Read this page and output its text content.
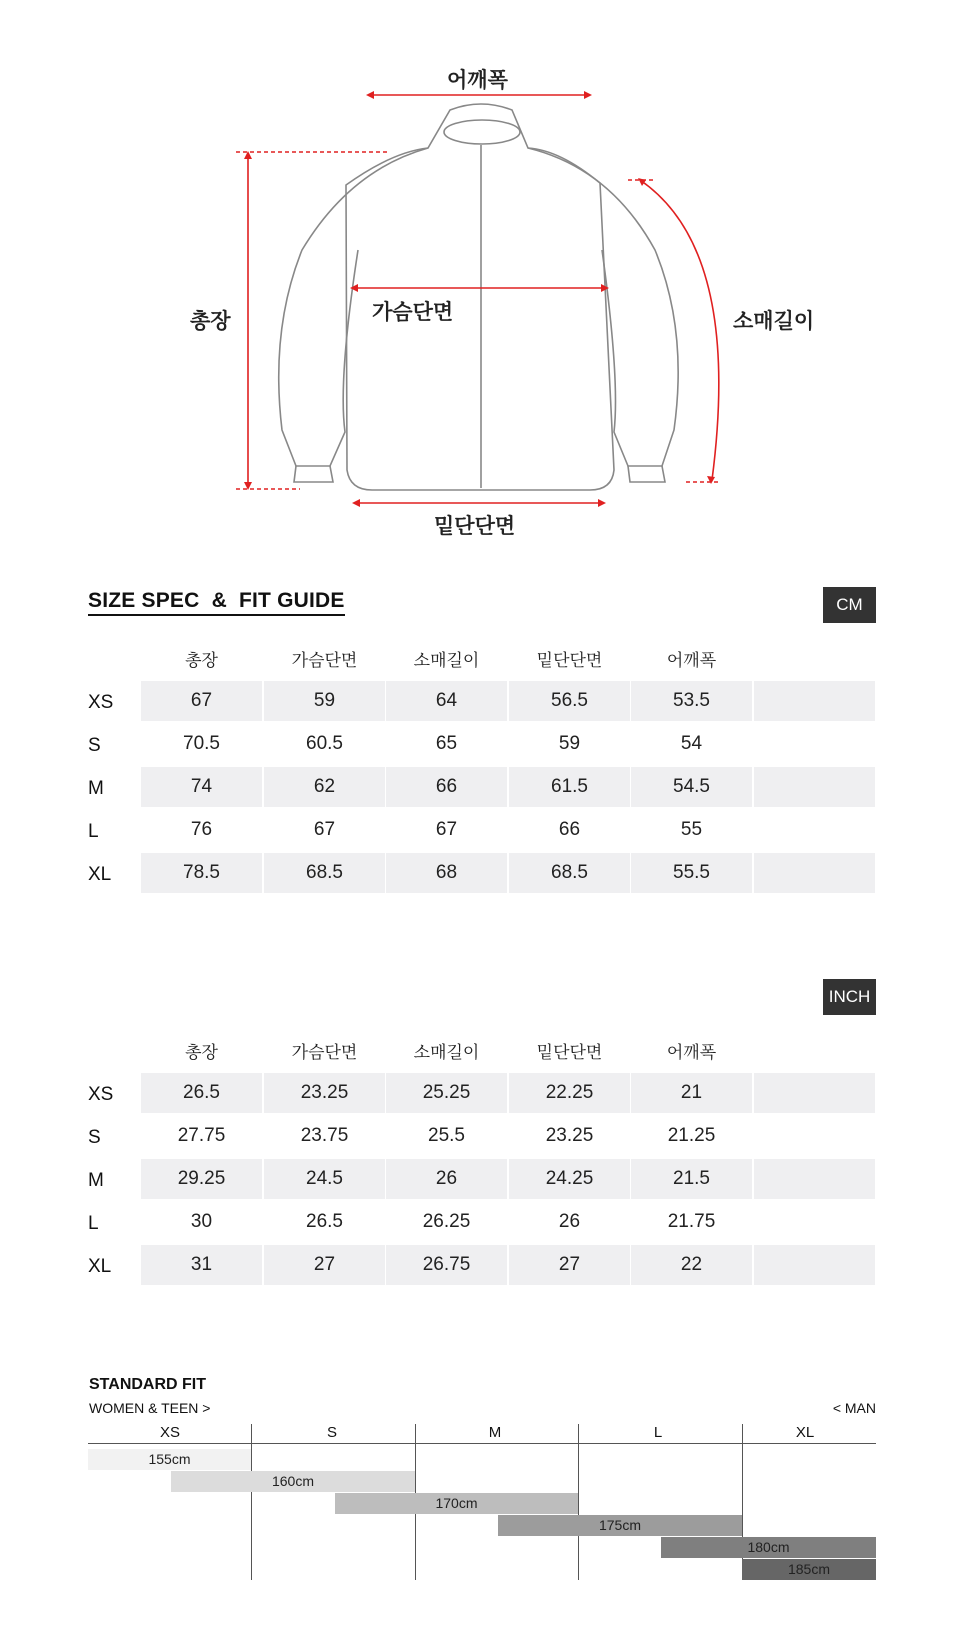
어깨폭
총장	가슴단면	소매길이
밑단단면
SIZE SPEC  &  FIT GUIDE	CM
총장	가슴단면	소매길이	밑단단면	어깨폭
XS	67	59	64	56.5	53.5
S	70.5	60.5	65	59	54
M	74	62	66	61.5	54.5
L	76	67	67	66	55
XL	78.5	68.5	68	68.5	55.5
INCH
총장	가슴단면	소매길이	밑단단면	어깨폭
XS	26.5	23.25	25.25	22.25	21
S	27.75	23.75	25.5	23.25	21.25
M	29.25	24.5	26	24.25	21.5
L	30	26.5	26.25	26	21.75
XL	31	27	26.75	27	22
STANDARD FIT
WOMEN & TEEN >	< MAN
XS	S	M	L	XL
155cm
160cm
170cm
175cm
180cm
185cm
